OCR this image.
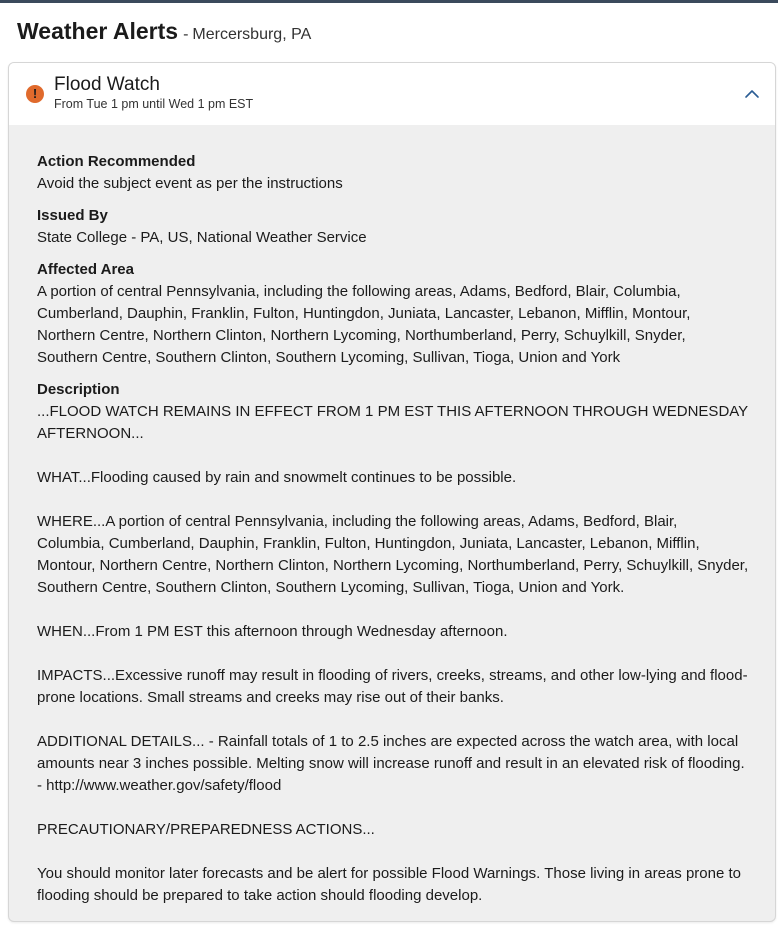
Weather Alerts - Mercersburg, PA
! Flood Watch
From Tue 1 pm until Wed 1 pm EST

Action Recommended

Avoid the subject event as per the instructions

Issued By

State College - PA, US, National Weather Service

Affected Area

A portion of central Pennsylvania, including the following areas, Adams, Bedford, Blair, Columbia, Cumberland, Dauphin, Franklin, Fulton, Huntingdon, Juniata, Lancaster, Lebanon, Mifflin, Montour, Northern Centre, Northern Clinton, Northern Lycoming, Northumberland, Perry, Schuylkill, Snyder, Southern Centre, Southern Clinton, Southern Lycoming, Sullivan, Tioga, Union and York

Description

...FLOOD WATCH REMAINS IN EFFECT FROM 1 PM EST THIS AFTERNOON THROUGH WEDNESDAY AFTERNOON...

WHAT...Flooding caused by rain and snowmelt continues to be possible.

WHERE...A portion of central Pennsylvania, including the following areas, Adams, Bedford, Blair, Columbia, Cumberland, Dauphin, Franklin, Fulton, Huntingdon, Juniata, Lancaster, Lebanon, Mifflin, Montour, Northern Centre, Northern Clinton, Northern Lycoming, Northumberland, Perry, Schuylkill, Snyder, Southern Centre, Southern Clinton, Southern Lycoming, Sullivan, Tioga, Union and York.

WHEN...From 1 PM EST this afternoon through Wednesday afternoon.

IMPACTS...Excessive runoff may result in flooding of rivers, creeks, streams, and other low-lying and flood-prone locations. Small streams and creeks may rise out of their banks.

ADDITIONAL DETAILS... - Rainfall totals of 1 to 2.5 inches are expected across the watch area, with local amounts near 3 inches possible. Melting snow will increase runoff and result in an elevated risk of flooding. - http://www.weather.gov/safety/flood

PRECAUTIONARY/PREPAREDNESS ACTIONS...

You should monitor later forecasts and be alert for possible Flood Warnings. Those living in areas prone to flooding should be prepared to take action should flooding develop.
